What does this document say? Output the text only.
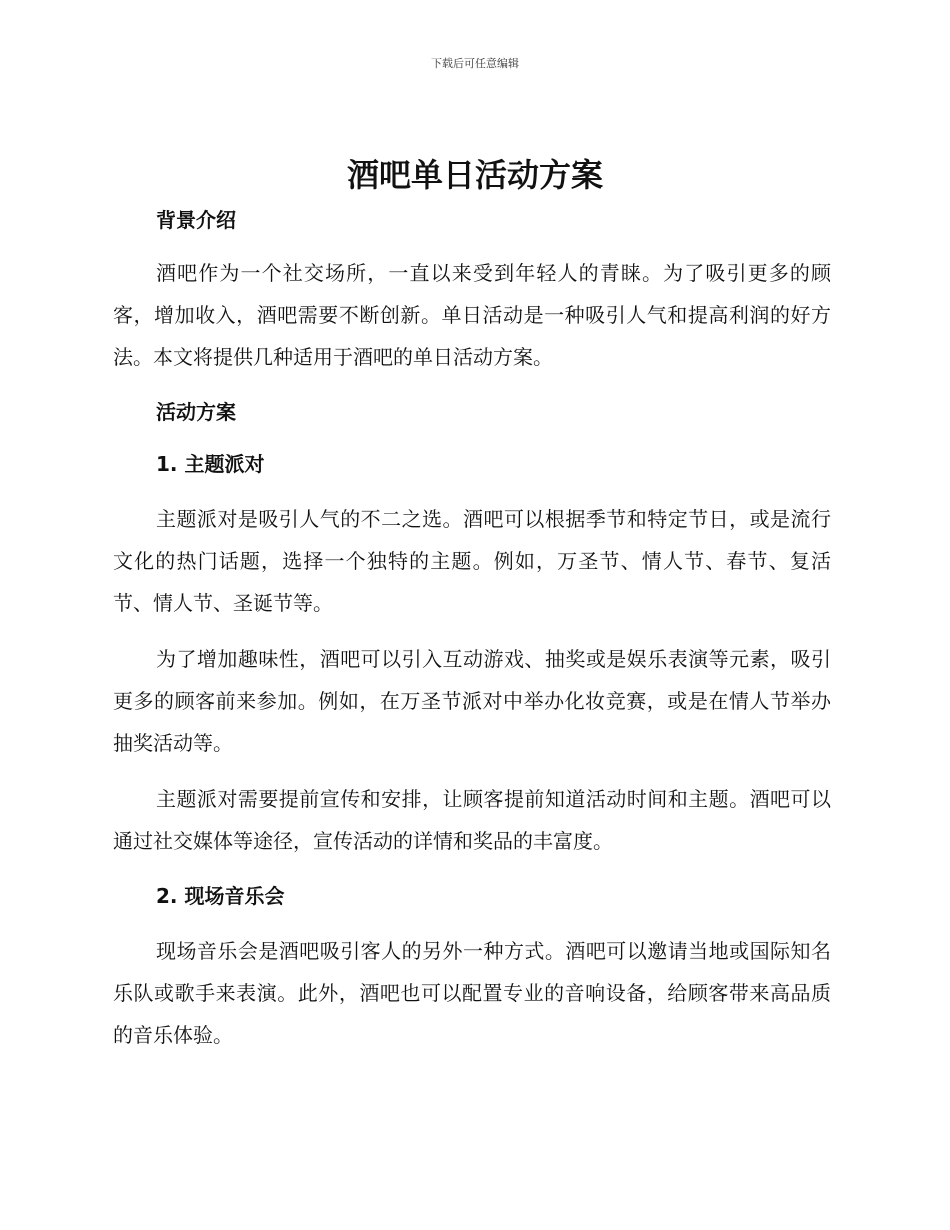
下载后可任意编辑
酒吧单日活动方案
背景介绍

酒吧作为一个社交场所，一直以来受到年轻人的青睐。为了吸引更多的顾客，增加收入，酒吧需要不断创新。单日活动是一种吸引人气和提高利润的好方法。本文将提供几种适用于酒吧的单日活动方案。

活动方案
1. 主题派对

主题派对是吸引人气的不二之选。酒吧可以根据季节和特定节日，或是流行文化的热门话题，选择一个独特的主题。例如，万圣节、情人节、春节、复活节、情人节、圣诞节等。

为了增加趣味性，酒吧可以引入互动游戏、抽奖或是娱乐表演等元素，吸引更多的顾客前来参加。例如，在万圣节派对中举办化妆竞赛，或是在情人节举办抽奖活动等。

主题派对需要提前宣传和安排，让顾客提前知道活动时间和主题。酒吧可以通过社交媒体等途径，宣传活动的详情和奖品的丰富度。

2. 现场音乐会

现场音乐会是酒吧吸引客人的另外一种方式。酒吧可以邀请当地或国际知名乐队或歌手来表演。此外，酒吧也可以配置专业的音响设备，给顾客带来高品质的音乐体验。
